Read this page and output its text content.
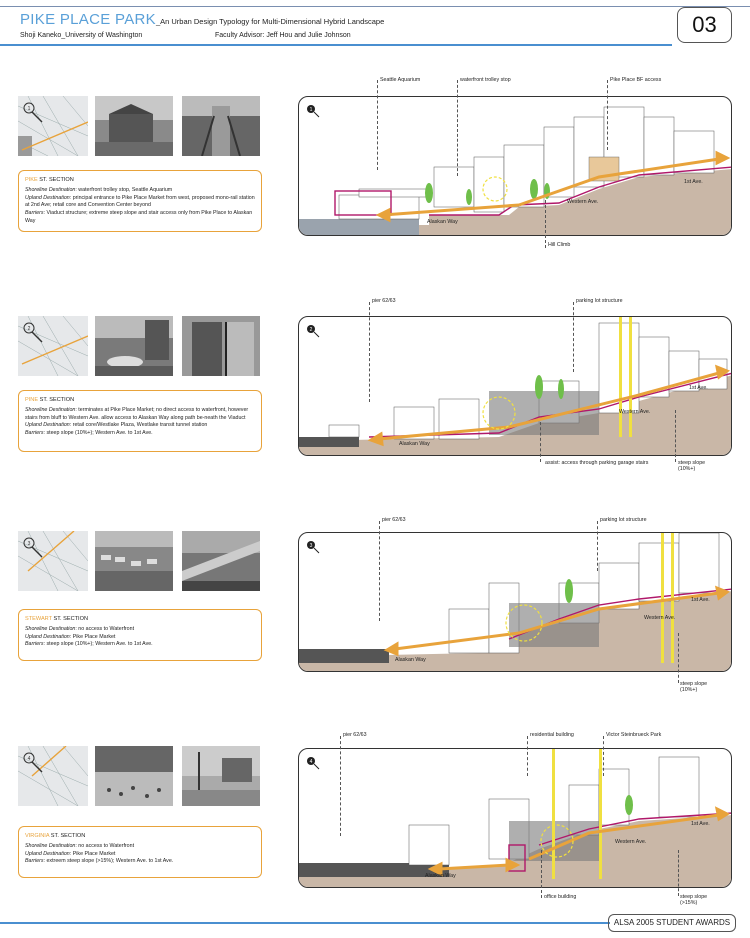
PIKE PLACE PARK_An Urban Design Typology for Multi-Dimensional Hybrid Landscape
Shoji Kaneko_University of Washington	Faculty Advisor: Jeff Hou and Julie Johnson	03
1
PIKE ST. SECTION
Shoreline Destination: waterfront trolley stop, Seattle Aquarium
Upland Destination: principal entrance to Pike Place Market from west, proposed mono-rail station at 2nd Ave; retail core and Convention Center beyond
Barriers: Viaduct structure; extreme steep slope and stair access only from Pike Place to Alaskan Way
1
Alaskan Way
Western Ave.
1st Ave.
Seattle Aquarium	waterfront trolley stop	Pike Place BF access
Hill Climb
2
PINE ST. SECTION
Shoreline Destination: terminates at Pike Place Market; no direct access to waterfront, however stairs from bluff to Western Ave. allow access to Alaskan Way along path be-neath the Viaduct
Upland Destination: retail core/Westlake Plaza, Westlake transit tunnel station
Barriers: steep slope (10%+); Western Ave. to 1st Ave.
2
Alaskan Way
Western Ave.
1st Ave.
pier 62/63	parking lot structure
assist: access through parking garage stairs	steep slope (10%+)
3
STEWART ST. SECTION
Shoreline Destination: no access to Waterfront
Upland Destination: Pike Place Market
Barriers: steep slope (10%+); Western Ave. to 1st Ave.
3
Alaskan Way
Western Ave.
1st Ave.
pier 62/63	parking lot structure
steep slope (10%+)
4
VIRGINIA ST. SECTION
Shoreline Destination: no access to Waterfront
Upland Destination: Pike Place Market
Barriers: extreem steep slope (>15%); Western Ave. to 1st Ave.
4
Alaskan Way
Western Ave.
1st Ave.
pier 62/63	residential building	Victor Steinbrueck Park
office building	steep slope (>15%)
ALSA 2005 STUDENT AWARDS
